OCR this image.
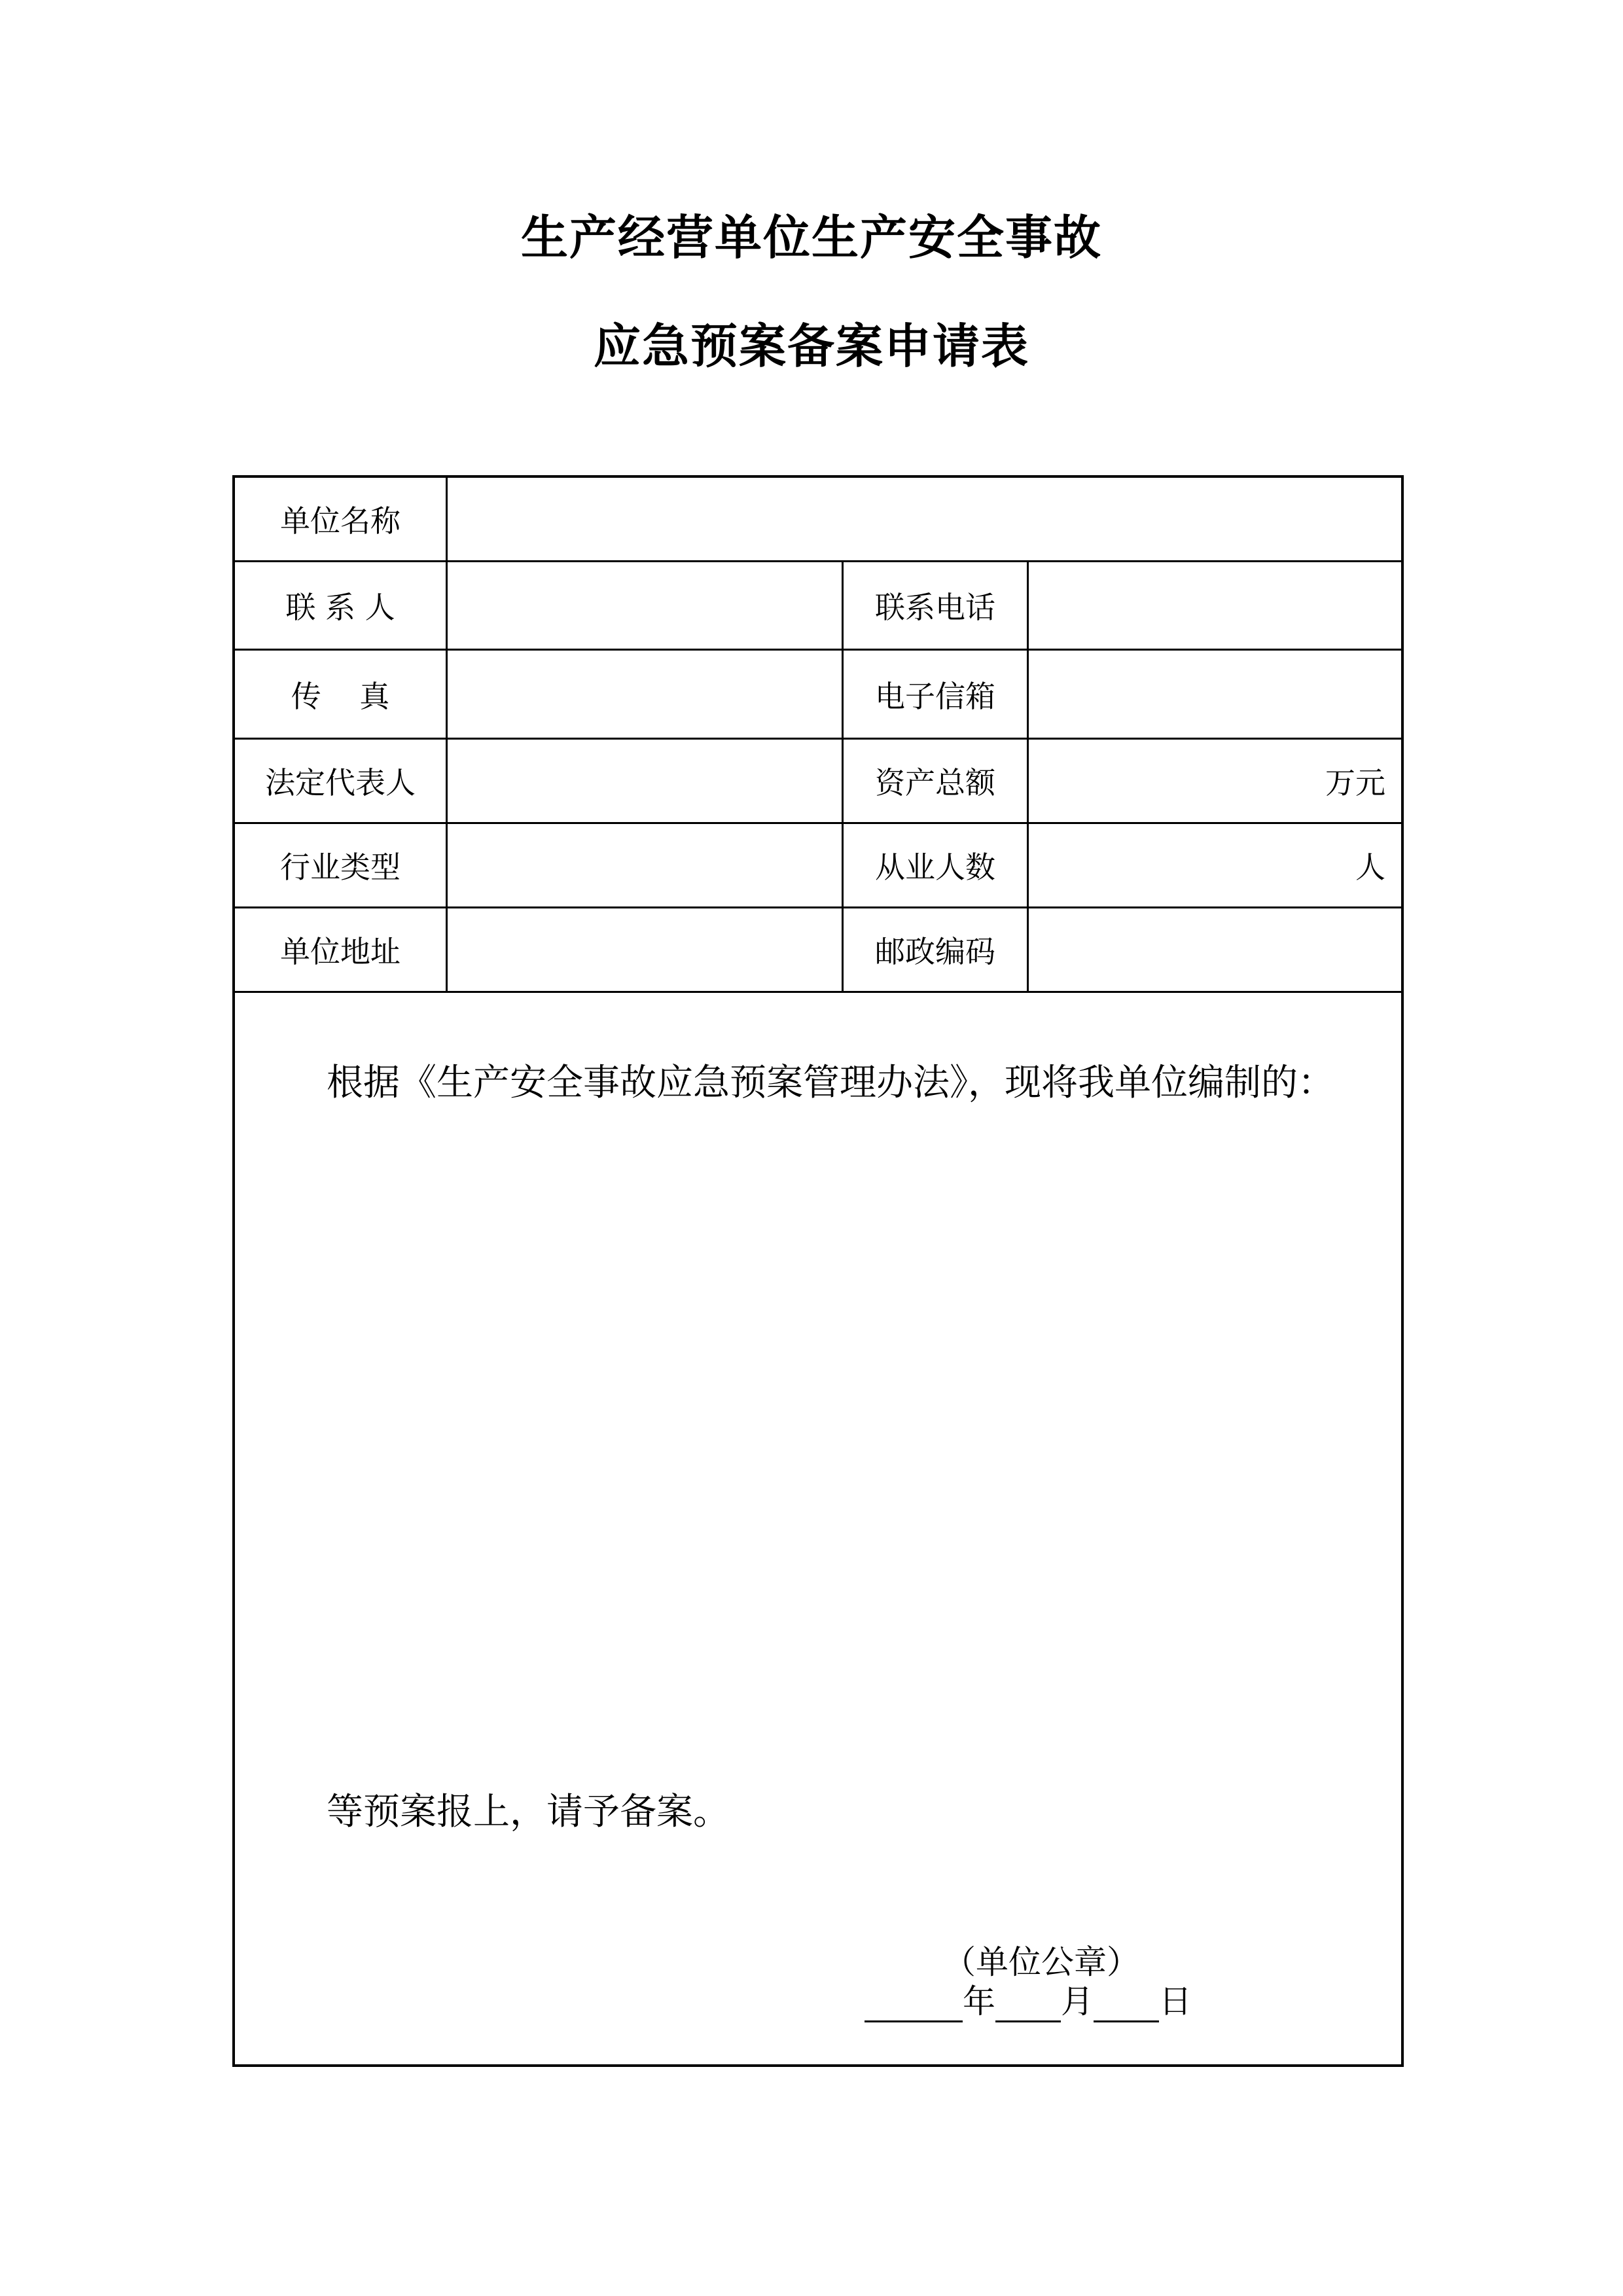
生产经营单位生产安全事故
应急预案备案申请表
单位名称
联 系 人	联系电话
传    真	电子信箱
法定代表人	资产总额	万元
行业类型	从业人数	人
单位地址	邮政编码
根据《生产安全事故应急预案管理办法》，现将我单位编制的：
等预案报上，请予备案。
（单位公章）
年 月 日
